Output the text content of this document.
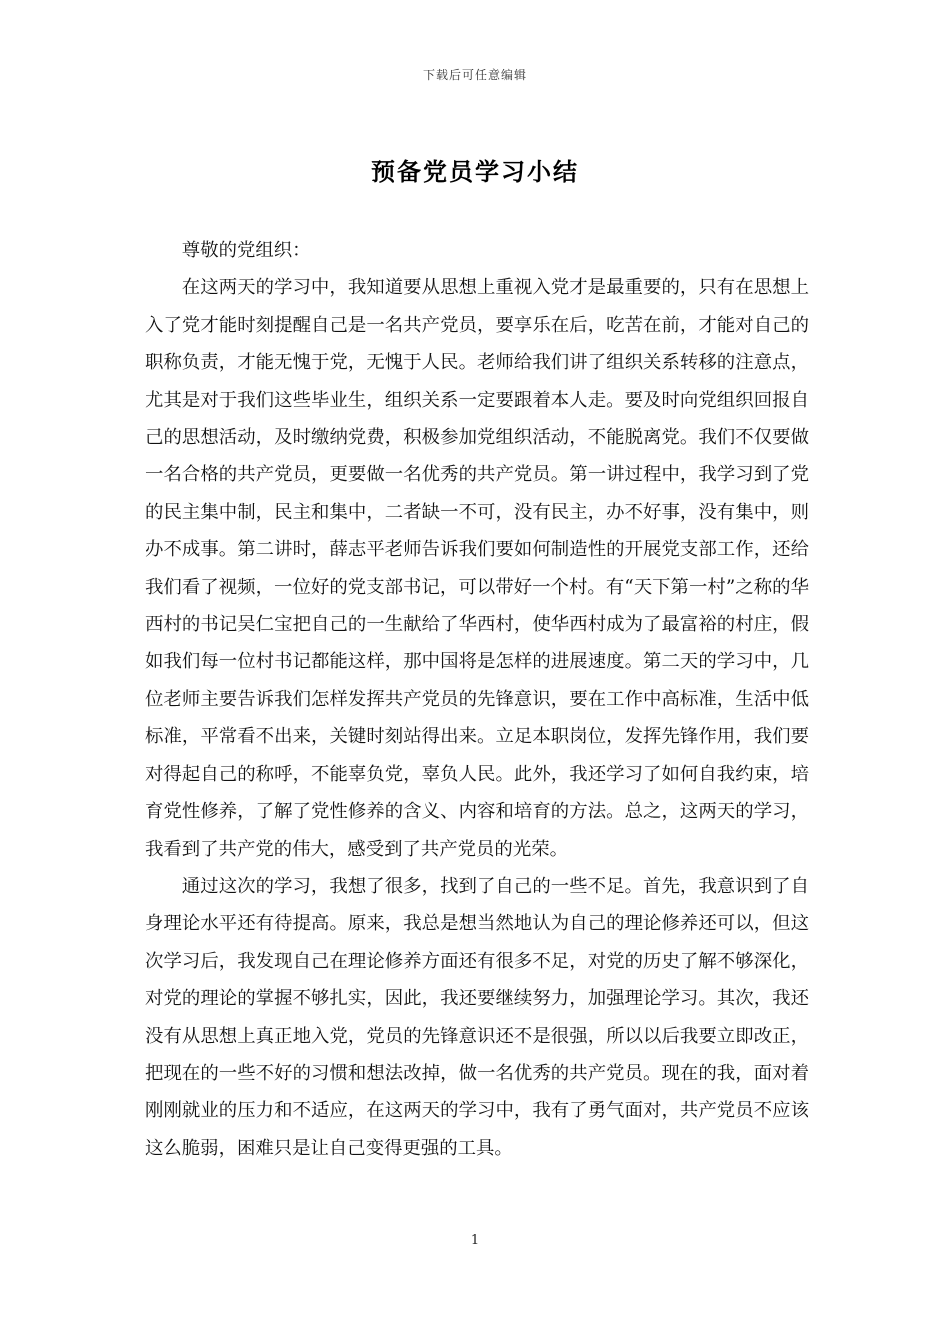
下载后可任意编辑
预备党员学习小结

尊敬的党组织：

在这两天的学习中，我知道要从思想上重视入党才是最重要的，只有在思想上入了党才能时刻提醒自己是一名共产党员，要享乐在后，吃苦在前，才能对自己的职称负责，才能无愧于党，无愧于人民。老师给我们讲了组织关系转移的注意点，尤其是对于我们这些毕业生，组织关系一定要跟着本人走。要及时向党组织回报自己的思想活动，及时缴纳党费，积极参加党组织活动，不能脱离党。我们不仅要做一名合格的共产党员，更要做一名优秀的共产党员。第一讲过程中，我学习到了党的民主集中制，民主和集中，二者缺一不可，没有民主，办不好事，没有集中，则办不成事。第二讲时，薛志平老师告诉我们要如何制造性的开展党支部工作，还给我们看了视频，一位好的党支部书记，可以带好一个村。有“天下第一村”之称的华西村的书记吴仁宝把自己的一生献给了华西村，使华西村成为了最富裕的村庄，假如我们每一位村书记都能这样，那中国将是怎样的进展速度。第二天的学习中，几位老师主要告诉我们怎样发挥共产党员的先锋意识，要在工作中高标准，生活中低标准，平常看不出来，关键时刻站得出来。立足本职岗位，发挥先锋作用，我们要对得起自己的称呼，不能辜负党，辜负人民。此外，我还学习了如何自我约束，培育党性修养，了解了党性修养的含义、内容和培育的方法。总之，这两天的学习，我看到了共产党的伟大，感受到了共产党员的光荣。

通过这次的学习，我想了很多，找到了自己的一些不足。首先，我意识到了自身理论水平还有待提高。原来，我总是想当然地认为自己的理论修养还可以，但这次学习后，我发现自己在理论修养方面还有很多不足，对党的历史了解不够深化，对党的理论的掌握不够扎实，因此，我还要继续努力，加强理论学习。其次，我还没有从思想上真正地入党，党员的先锋意识还不是很强，所以以后我要立即改正，把现在的一些不好的习惯和想法改掉，做一名优秀的共产党员。现在的我，面对着刚刚就业的压力和不适应，在这两天的学习中，我有了勇气面对，共产党员不应该这么脆弱，困难只是让自己变得更强的工具。

1
